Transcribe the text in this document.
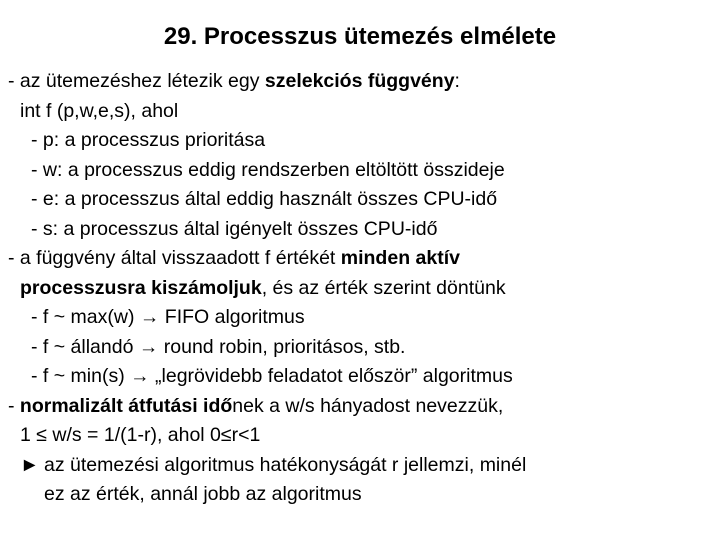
29. Processzus ütemezés elmélete
- az ütemezéshez létezik egy szelekciós függvény:
int f (p,w,e,s), ahol
- p: a processzus prioritása
- w: a processzus eddig rendszerben eltöltött összideje
- e: a processzus által eddig használt összes CPU-idő
- s: a processzus által igényelt összes CPU-idő
- a függvény által visszaadott f értékét minden aktív
processzusra kiszámoljuk, és az érték szerint döntünk
- f ~ max(w) → FIFO algoritmus
- f ~ állandó → round robin, prioritásos, stb.
- f ~ min(s) → „legrövidebb feladatot először” algoritmus
- normalizált átfutási időnek a w/s hányadost nevezzük,
1 ≤ w/s = 1/(1-r), ahol 0≤r<1
► az ütemezési algoritmus hatékonyságát r jellemzi, minél
ez az érték, annál jobb az algoritmus
